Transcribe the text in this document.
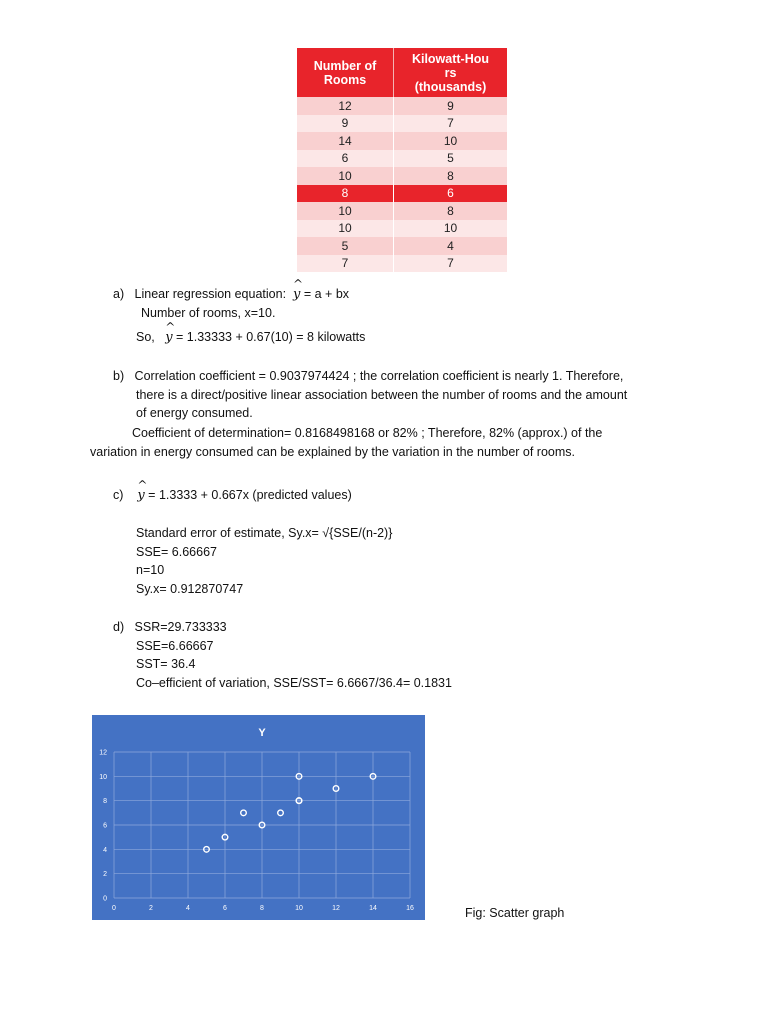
Number of
Rooms	Kilowatt-Hou
rs
(thousands)
12	9
9	7
14	10
6	5
10	8
8	6
10	8
10	10
5	4
7	7
a) Linear regression equation: ^ y = a + bx
Number of rooms, x=10.
So, ^ y = 1.33333 + 0.67(10) = 8 kilowatts
b) Correlation coefficient = 0.9037974424 ; the correlation coefficient is nearly 1. Therefore,
there is a direct/positive linear association between the number of rooms and the amount
of energy consumed.
Coefficient of determination= 0.8168498168 or 82% ; Therefore, 82% (approx.) of the
variation in energy consumed can be explained by the variation in the number of rooms.
c) ^ y = 1.3333 + 0.667x (predicted values)
Standard error of estimate, Sy.x= √{SSE/(n-2)}
SSE= 6.66667
n=10
Sy.x= 0.912870747
d) SSR=29.733333
SSE=6.66667
SST= 36.4
Co–efficient of variation, SSE/SST= 6.6667/36.4= 0.1831
Y
0	2	4	6	8	10	12	14	16
0
2
4
6
8
10
12
Fig: Scatter graph
